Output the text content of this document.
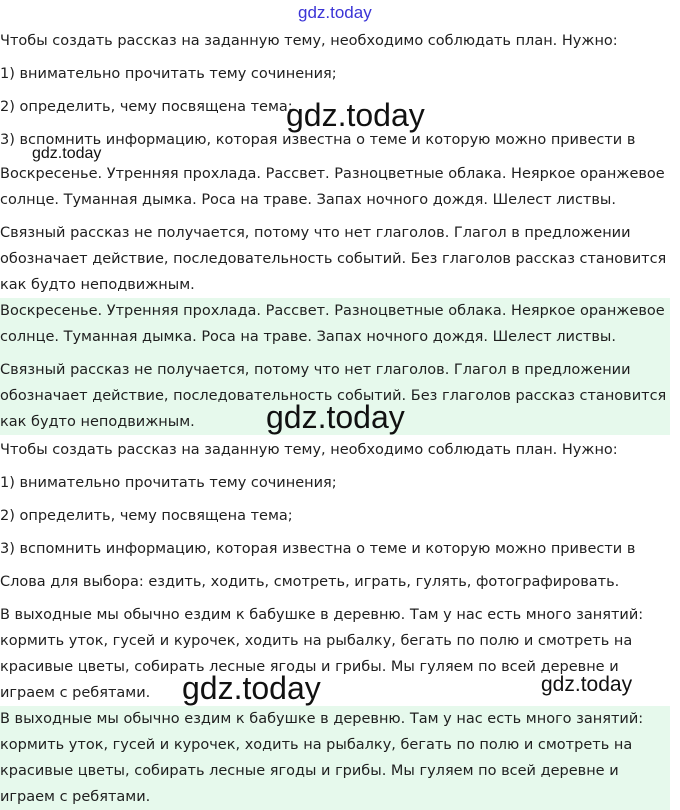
Чтобы создать рассказ на заданную тему, необходимо соблюдать план. Нужно:

1) внимательно прочитать тему сочинения;

2) определить, чему посвящена тема;

3) вспомнить информацию, которая известна о теме и которую можно привести в

Воскресенье. Утренняя прохлада. Рассвет. Разноцветные облака. Неяркое оранжевое солнце. Туманная дымка. Роса на траве. Запах ночного дождя. Шелест листвы.

Связный рассказ не получается, потому что нет глаголов. Глагол в предложении обозначает действие, последовательность событий. Без глаголов рассказ становится как будто неподвижным.

Воскресенье. Утренняя прохлада. Рассвет. Разноцветные облака. Неяркое оранжевое солнце. Туманная дымка. Роса на траве. Запах ночного дождя. Шелест листвы.

Связный рассказ не получается, потому что нет глаголов. Глагол в предложении обозначает действие, последовательность событий. Без глаголов рассказ становится как будто неподвижным.

Чтобы создать рассказ на заданную тему, необходимо соблюдать план. Нужно:

1) внимательно прочитать тему сочинения;

2) определить, чему посвящена тема;

3) вспомнить информацию, которая известна о теме и которую можно привести в

Слова для выбора: ездить, ходить, смотреть, играть, гулять, фотографировать.

В выходные мы обычно ездим к бабушке в деревню. Там у нас есть много занятий: кормить уток, гусей и курочек, ходить на рыбалку, бегать по полю и смотреть на красивые цветы, собирать лесные ягоды и грибы. Мы гуляем по всей деревне и играем с ребятами.

В выходные мы обычно ездим к бабушке в деревню. Там у нас есть много занятий: кормить уток, гусей и курочек, ходить на рыбалку, бегать по полю и смотреть на красивые цветы, собирать лесные ягоды и грибы. Мы гуляем по всей деревне и играем с ребятами.

gdz.today
gdz.today
gdz.today
gdz.today
gdz.today	gdz.today
